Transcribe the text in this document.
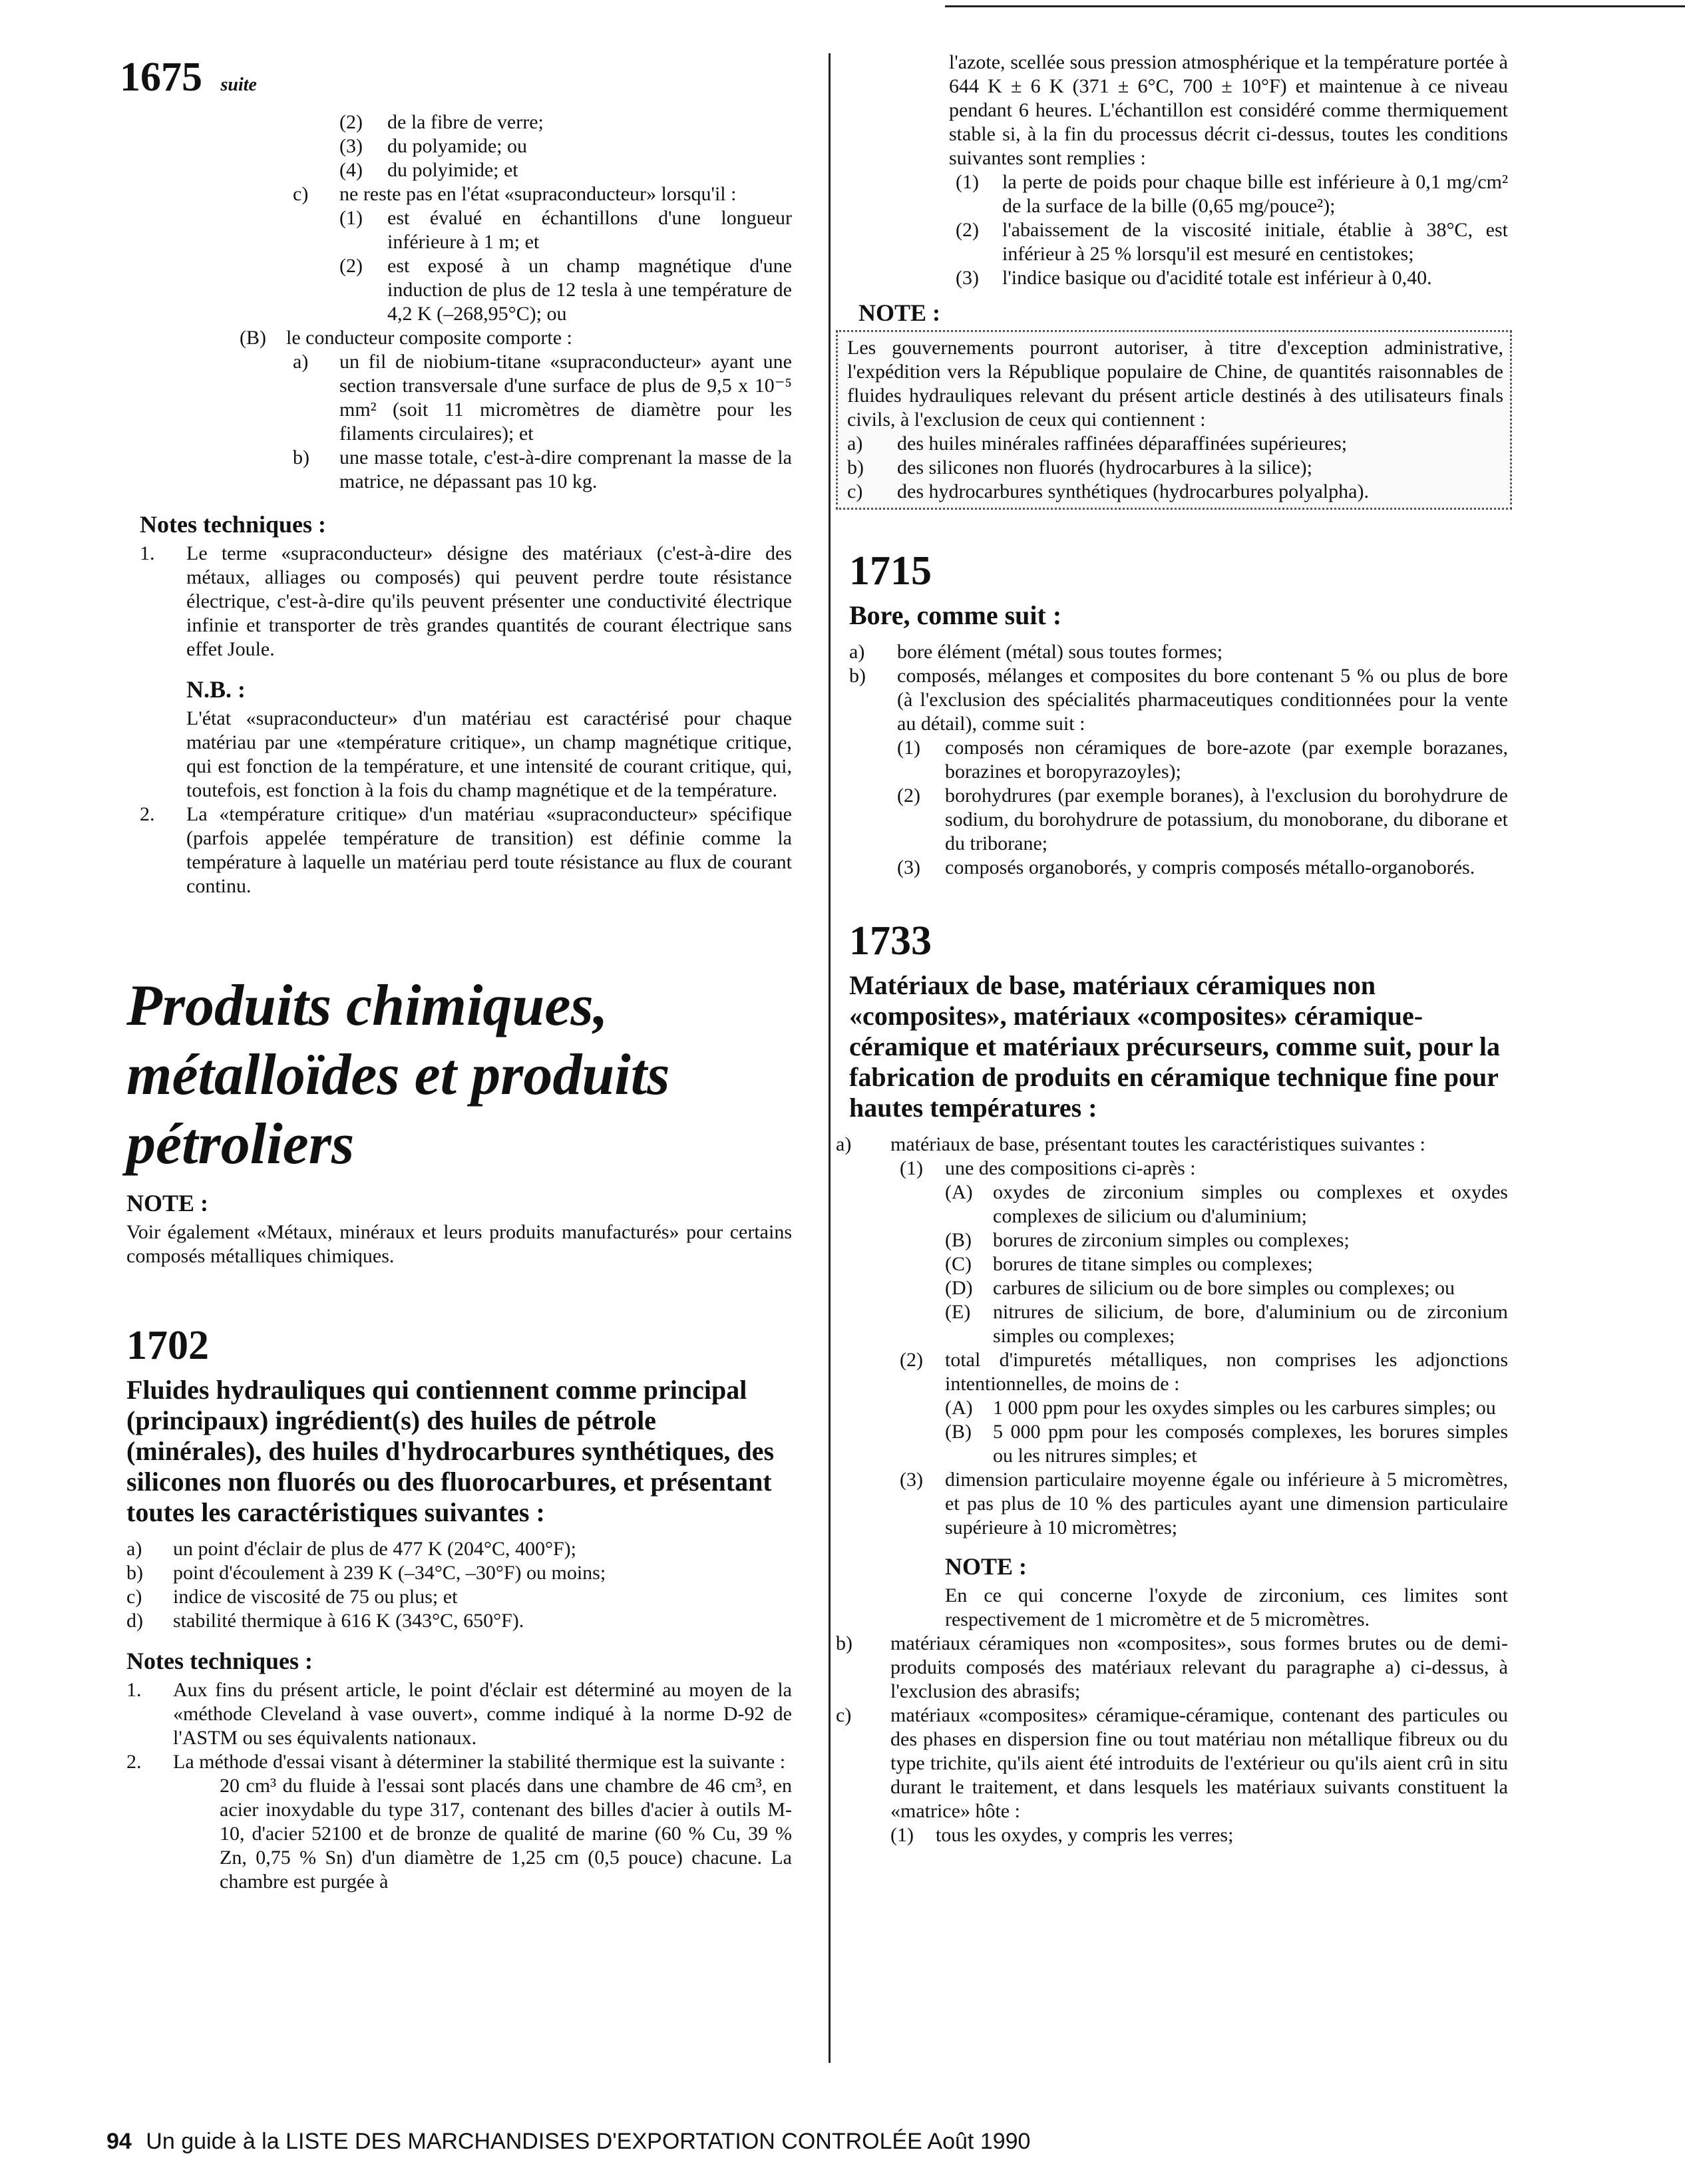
1675 suite
(2)	de la fibre de verre;
(3)	du polyamide; ou
(4)	du polyimide; et
c)	ne reste pas en l'état «supraconducteur» lorsqu'il :
(1)	est évalué en échantillons d'une longueur inférieure à 1 m; et
(2)	est exposé à un champ magnétique d'une induction de plus de 12 tesla à une température de 4,2 K (–268,95°C); ou
(B)	le conducteur composite comporte :
a)	un fil de niobium-titane «supraconducteur» ayant une section transversale d'une surface de plus de 9,5 x 10⁻⁵ mm² (soit 11 micromètres de diamètre pour les filaments circulaires); et
b)	une masse totale, c'est-à-dire comprenant la masse de la matrice, ne dépassant pas 10 kg.
Notes techniques :
1.	Le terme «supraconducteur» désigne des matériaux (c'est-à-dire des métaux, alliages ou composés) qui peuvent perdre toute résistance électrique, c'est-à-dire qu'ils peuvent présenter une conductivité électrique infinie et transporter de très grandes quantités de courant électrique sans effet Joule.
N.B. :

L'état «supraconducteur» d'un matériau est caractérisé pour chaque matériau par une «température critique», un champ magnétique critique, qui est fonction de la température, et une intensité de courant critique, qui, toutefois, est fonction à la fois du champ magnétique et de la température.

2.	La «température critique» d'un matériau «supraconducteur» spécifique (parfois appelée température de transition) est définie comme la température à laquelle un matériau perd toute résistance au flux de courant continu.
Produits chimiques,
métalloïdes et produits
pétroliers
NOTE :

Voir également «Métaux, minéraux et leurs produits manufacturés» pour certains composés métalliques chimiques.

1702
Fluides hydrauliques qui contiennent comme principal (principaux) ingrédient(s) des huiles de pétrole (minérales), des huiles d'hydrocarbures synthétiques, des silicones non fluorés ou des fluorocarbures, et présentant toutes les caractéristiques suivantes :
a)	un point d'éclair de plus de 477 K (204°C, 400°F);
b)	point d'écoulement à 239 K (–34°C, –30°F) ou moins;
c)	indice de viscosité de 75 ou plus; et
d)	stabilité thermique à 616 K (343°C, 650°F).
Notes techniques :
1.	Aux fins du présent article, le point d'éclair est déterminé au moyen de la «méthode Cleveland à vase ouvert», comme indiqué à la norme D-92 de l'ASTM ou ses équivalents nationaux.
2.	La méthode d'essai visant à déterminer la stabilité thermique est la suivante :

20 cm³ du fluide à l'essai sont placés dans une chambre de 46 cm³, en acier inoxydable du type 317, contenant des billes d'acier à outils M-10, d'acier 52100 et de bronze de qualité de marine (60 % Cu, 39 % Zn, 0,75 % Sn) d'un diamètre de 1,25 cm (0,5 pouce) chacune. La chambre est purgée à

l'azote, scellée sous pression atmosphérique et la température portée à 644 K ± 6 K (371 ± 6°C, 700 ± 10°F) et maintenue à ce niveau pendant 6 heures. L'échantillon est considéré comme thermiquement stable si, à la fin du processus décrit ci-dessus, toutes les conditions suivantes sont remplies :

(1)	la perte de poids pour chaque bille est inférieure à 0,1 mg/cm² de la surface de la bille (0,65 mg/pouce²);
(2)	l'abaissement de la viscosité initiale, établie à 38°C, est inférieur à 25 % lorsqu'il est mesuré en centistokes;
(3)	l'indice basique ou d'acidité totale est inférieur à 0,40.
NOTE :

Les gouvernements pourront autoriser, à titre d'exception administrative, l'expédition vers la République populaire de Chine, de quantités raisonnables de fluides hydrauliques relevant du présent article destinés à des utilisateurs finals civils, à l'exclusion de ceux qui contiennent :

a)	des huiles minérales raffinées déparaffinées supérieures;
b)	des silicones non fluorés (hydrocarbures à la silice);
c)	des hydrocarbures synthétiques (hydrocarbures polyalpha).
1715
Bore, comme suit :
a)	bore élément (métal) sous toutes formes;
b)	composés, mélanges et composites du bore contenant 5 % ou plus de bore (à l'exclusion des spécialités pharmaceutiques conditionnées pour la vente au détail), comme suit :
(1)	composés non céramiques de bore-azote (par exemple borazanes, borazines et boropyrazoyles);
(2)	borohydrures (par exemple boranes), à l'exclusion du borohydrure de sodium, du borohydrure de potassium, du monoborane, du diborane et du triborane;
(3)	composés organoborés, y compris composés métallo-organoborés.
1733
Matériaux de base, matériaux céramiques non «composites», matériaux «composites» céramique-céramique et matériaux précurseurs, comme suit, pour la fabrication de produits en céramique technique fine pour hautes températures :
a)	matériaux de base, présentant toutes les caractéristiques suivantes :
(1)	une des compositions ci-après :
(A)	oxydes de zirconium simples ou complexes et oxydes complexes de silicium ou d'aluminium;
(B)	borures de zirconium simples ou complexes;
(C)	borures de titane simples ou complexes;
(D)	carbures de silicium ou de bore simples ou complexes; ou
(E)	nitrures de silicium, de bore, d'aluminium ou de zirconium simples ou complexes;
(2)	total d'impuretés métalliques, non comprises les adjonctions intentionnelles, de moins de :
(A)	1 000 ppm pour les oxydes simples ou les carbures simples; ou
(B)	5 000 ppm pour les composés complexes, les borures simples ou les nitrures simples; et
(3)	dimension particulaire moyenne égale ou inférieure à 5 micromètres, et pas plus de 10 % des particules ayant une dimension particulaire supérieure à 10 micromètres;
NOTE :

En ce qui concerne l'oxyde de zirconium, ces limites sont respectivement de 1 micromètre et de 5 micromètres.

b)	matériaux céramiques non «composites», sous formes brutes ou de demi-produits composés des matériaux relevant du paragraphe a) ci-dessus, à l'exclusion des abrasifs;
c)	matériaux «composites» céramique-céramique, contenant des particules ou des phases en dispersion fine ou tout matériau non métallique fibreux ou du type trichite, qu'ils aient été introduits de l'extérieur ou qu'ils aient crû in situ durant le traitement, et dans lesquels les matériaux suivants constituent la «matrice» hôte :
(1)	tous les oxydes, y compris les verres;
94 Un guide à la LISTE DES MARCHANDISES D'EXPORTATION CONTROLÉE Août 1990
